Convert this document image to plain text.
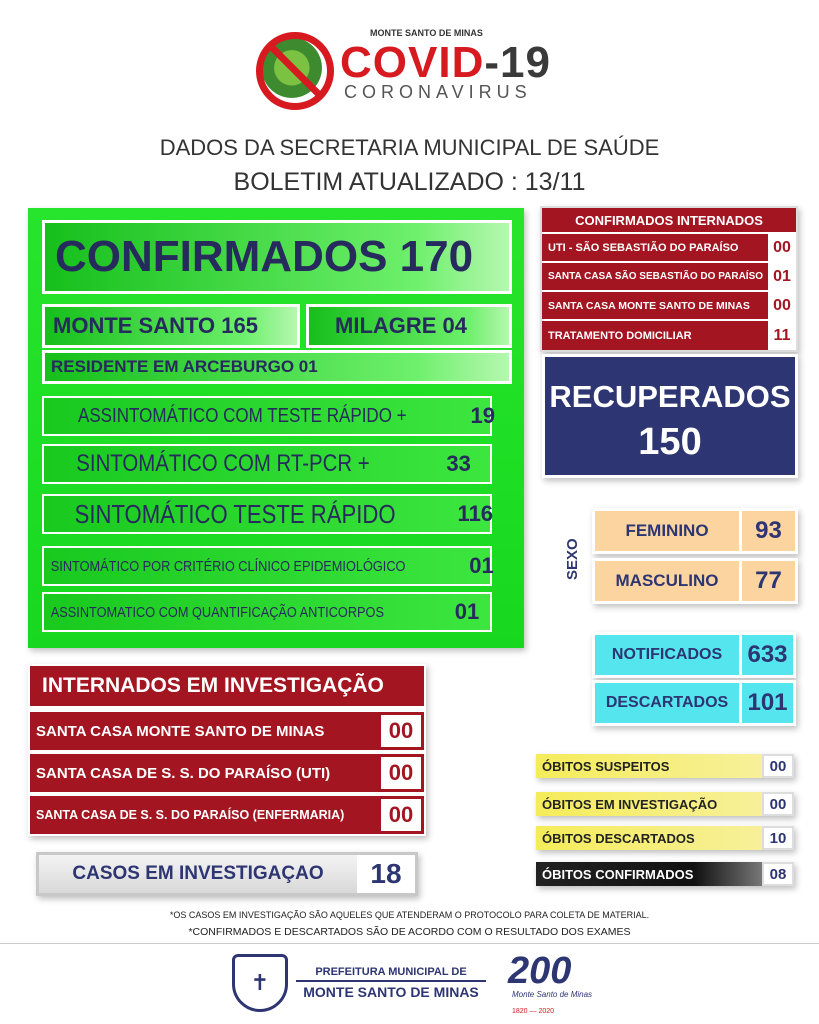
MONTE SANTO DE MINAS
COVID-19
CORONAVIRUS
DADOS DA SECRETARIA MUNICIPAL DE SAÚDE
BOLETIM ATUALIZADO : 13/11
CONFIRMADOS 170
MONTE SANTO 165	MILAGRE 04
RESIDENTE EM ARCEBURGO 01
ASSINTOMÁTICO COM TESTE RÁPIDO +	19
SINTOMÁTICO COM RT-PCR +	33
SINTOMÁTICO TESTE RÁPIDO	116
SINTOMÁTICO POR CRITÉRIO CLÍNICO EPIDEMIOLÓGICO	01
ASSINTOMATICO COM QUANTIFICAÇÃO ANTICORPOS	01
CONFIRMADOS INTERNADOS
UTI - SÃO SEBASTIÃO DO PARAÍSO	00
SANTA CASA SÃO SEBASTIÃO DO PARAÍSO 01
SANTA CASA MONTE SANTO DE MINAS	00
TRATAMENTO DOMICILIAR	11
RECUPERADOS
150
SEXO
FEMININO	93
MASCULINO	77
NOTIFICADOS	633
DESCARTADOS 101
INTERNADOS EM INVESTIGAÇÃO
SANTA CASA MONTE SANTO DE MINAS	00
SANTA CASA DE S. S. DO PARAÍSO (UTI)	00
SANTA CASA DE S. S. DO PARAÍSO (ENFERMARIA)	00
CASOS EM INVESTIGAÇAO	18
ÓBITOS SUSPEITOS	00
ÓBITOS EM INVESTIGAÇÃO	00
ÓBITOS DESCARTADOS	10
ÓBITOS CONFIRMADOS	08
*OS CASOS EM INVESTIGAÇÃO SÃO AQUELES QUE ATENDERAM O PROTOCOLO PARA COLETA DE MATERIAL.
*CONFIRMADOS E DESCARTADOS SÃO DE ACORDO COM O RESULTADO DOS EXAMES
✝	PREFEITURA MUNICIPAL DE
MONTE SANTO DE MINAS 200
Monte Santo de Minas
1820 — 2020
